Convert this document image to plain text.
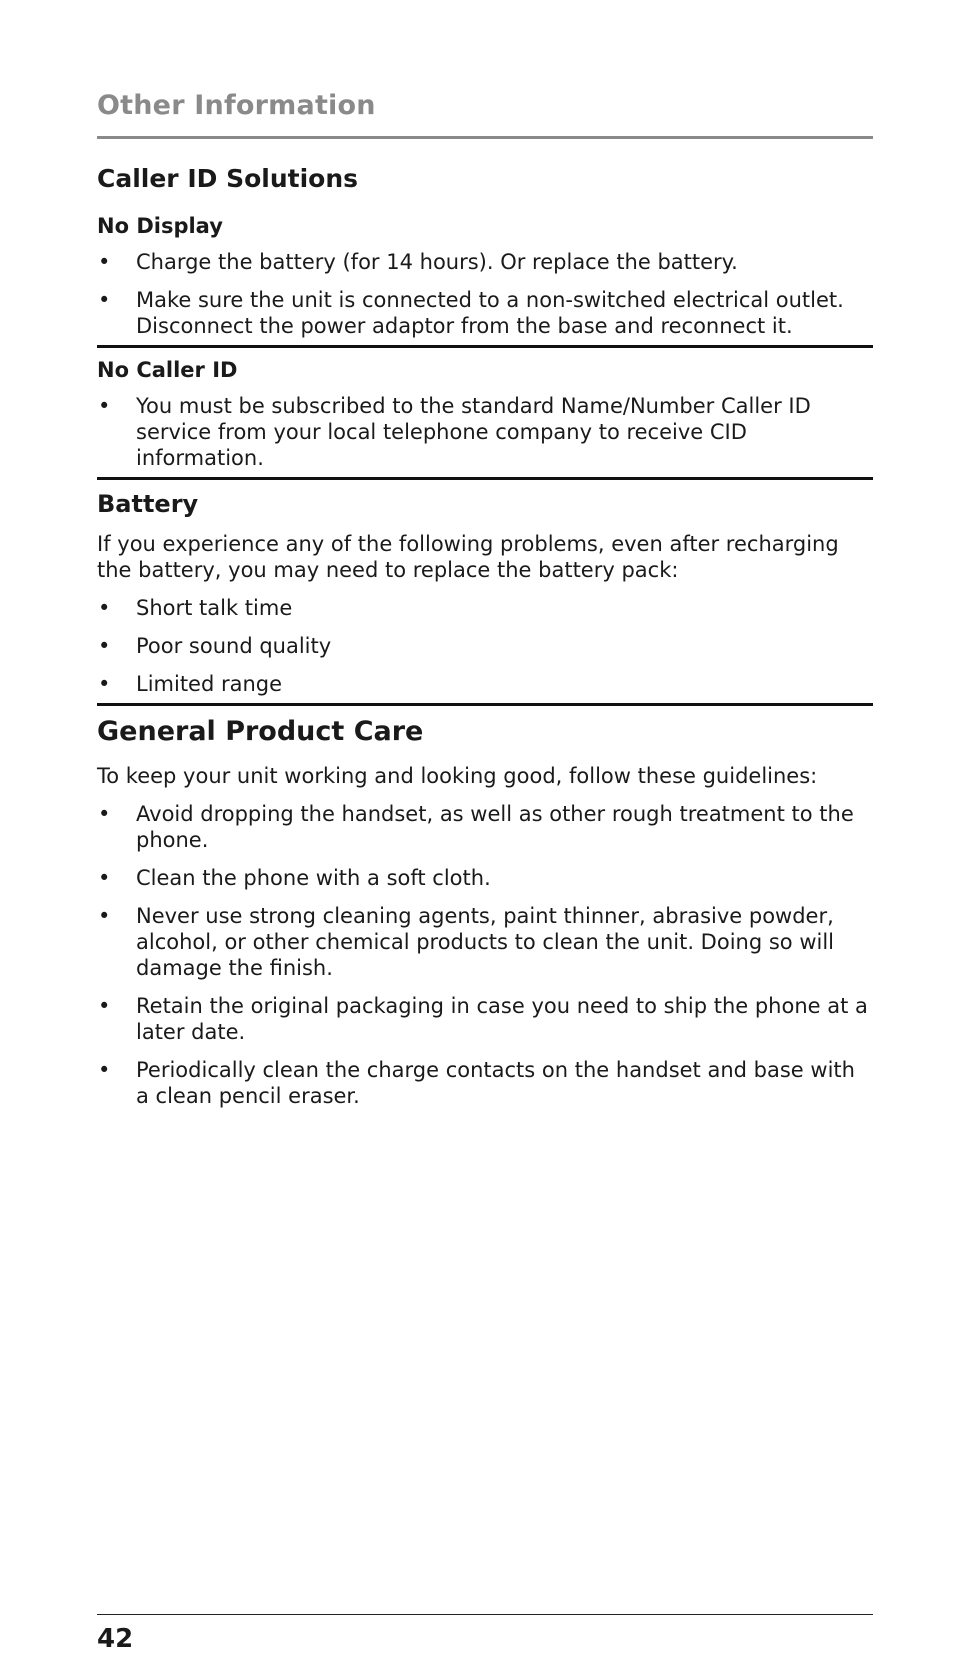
Other Information
Caller ID Solutions
No Display
• Charge the battery (for 14 hours). Or replace the battery.
• Make sure the unit is connected to a non-switched electrical outlet. Disconnect the power adaptor from the base and reconnect it.
No Caller ID
• You must be subscribed to the standard Name/Number Caller ID service from your local telephone company to receive CID information.
Battery

If you experience any of the following problems, even after recharging the battery, you may need to replace the battery pack:

• Short talk time
• Poor sound quality
• Limited range
General Product Care

To keep your unit working and looking good, follow these guidelines:

• Avoid dropping the handset, as well as other rough treatment to the phone.
• Clean the phone with a soft cloth.
• Never use strong cleaning agents, paint thinner, abrasive powder, alcohol, or other chemical products to clean the unit. Doing so will damage the finish.
• Retain the original packaging in case you need to ship the phone at a later date.
• Periodically clean the charge contacts on the handset and base with a clean pencil eraser.
42
